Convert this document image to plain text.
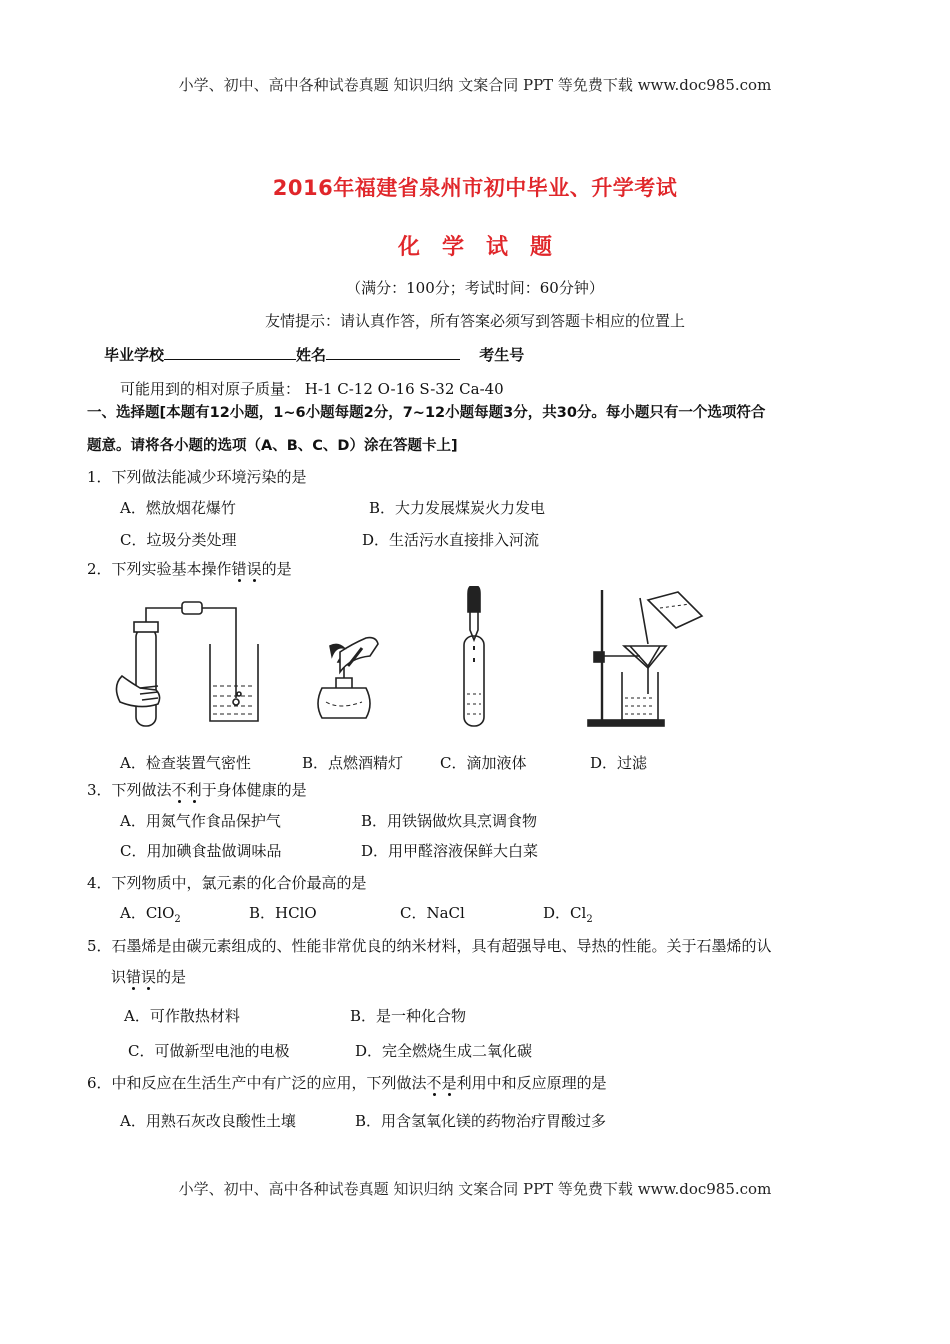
小学、初中、高中各种试卷真题 知识归纳 文案合同 PPT 等免费下载 www.doc985.com
2016年福建省泉州市初中毕业、升学考试
化学试题
（满分：100分；考试时间：60分钟）
友情提示：请认真作答，所有答案必须写到答题卡相应的位置上
毕业学校	姓名	考生号
可能用到的相对原子质量： H-1 C-12 O-16 S-32 Ca-40
一、选择题[本题有12小题，1~6小题每题2分，7~12小题每题3分，共30分。每小题只有一个选项符合
题意。请将各小题的选项（A、B、C、D）涂在答题卡上]
1．下列做法能减少环境污染的是
A．燃放烟花爆竹	B．大力发展煤炭火力发电
C．垃圾分类处理	D．生活污水直接排入河流
2．下列实验基本操作错误的是
A．检查装置气密性	B．点燃酒精灯 C．滴加液体	D．过滤
3．下列做法不利于身体健康的是
A．用氮气作食品保护气	B．用铁锅做炊具烹调食物
C．用加碘食盐做调味品	D．用甲醛溶液保鲜大白菜
4．下列物质中，氯元素的化合价最高的是
A．ClO$_2$	B．HClO	C．NaCl	D．$Cl_2$
5．石墨烯是由碳元素组成的、性能非常优良的纳米材料，具有超强导电、导热的性能。关于石墨烯的认
识错误的是
A．可作散热材料	B．是一种化合物
C．可做新型电池的电极	D．完全燃烧生成二氧化碳
6．中和反应在生活生产中有广泛的应用，下列做法不是利用中和反应原理的是
A．用熟石灰改良酸性土壤	B．用含氢氧化镁的药物治疗胃酸过多
小学、初中、高中各种试卷真题 知识归纳 文案合同 PPT 等免费下载 www.doc985.com
